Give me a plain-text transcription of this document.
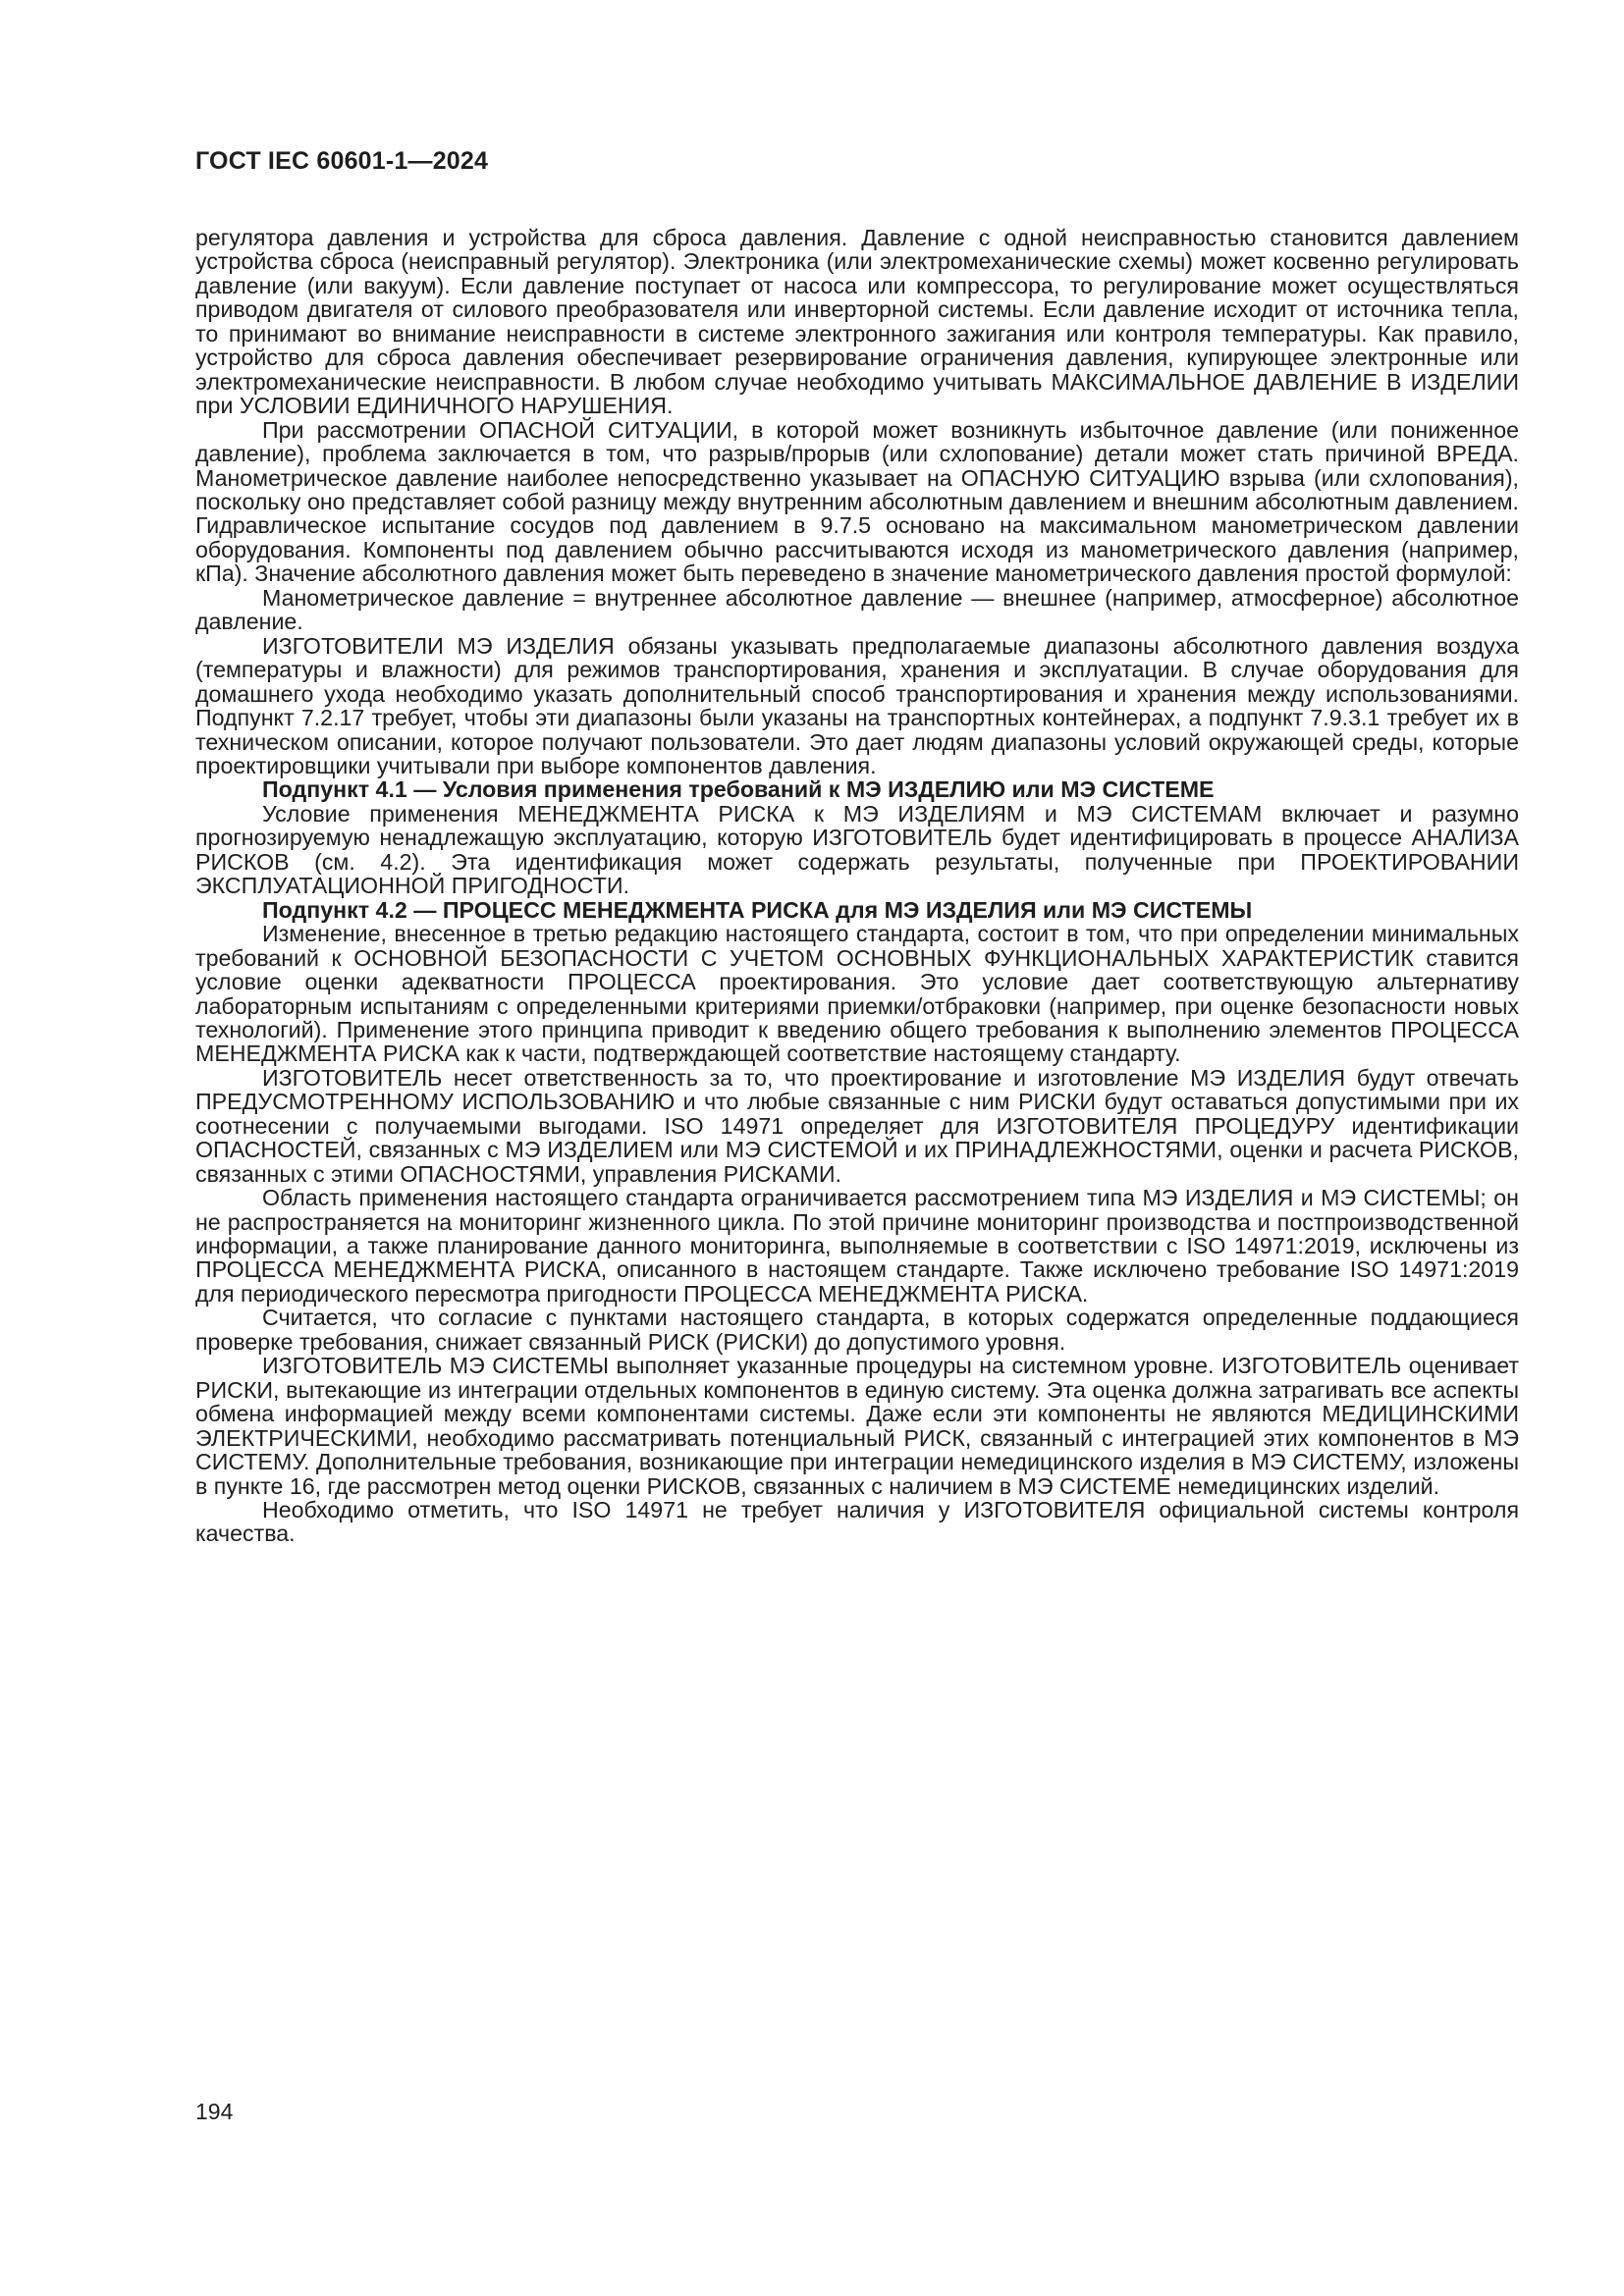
ГОСТ IEC 60601-1—2024

регулятора давления и устройства для сброса давления. Давление с одной неисправностью становится давлением устройства сброса (неисправный регулятор). Электроника (или электромеханические схемы) может косвенно регулировать давление (или вакуум). Если давление поступает от насоса или компрессора, то регулирование может осуществляться приводом двигателя от силового преобразователя или инверторной системы. Если давление исходит от источника тепла, то принимают во внимание неисправности в системе электронного зажигания или контроля температуры. Как правило, устройство для сброса давления обеспечивает резервирование ограничения давления, купирующее электронные или электромеханические неисправности. В любом случае необходимо учитывать МАКСИМАЛЬНОЕ ДАВЛЕНИЕ В ИЗДЕЛИИ при УСЛОВИИ ЕДИНИЧНОГО НАРУШЕНИЯ.

При рассмотрении ОПАСНОЙ СИТУАЦИИ, в которой может возникнуть избыточное давление (или пониженное давление), проблема заключается в том, что разрыв/прорыв (или схлопование) детали может стать причиной ВРЕДА. Манометрическое давление наиболее непосредственно указывает на ОПАСНУЮ СИТУАЦИЮ взрыва (или схлопования), поскольку оно представляет собой разницу между внутренним абсолютным давлением и внешним абсолютным давлением. Гидравлическое испытание сосудов под давлением в 9.7.5 основано на максимальном манометрическом давлении оборудования. Компоненты под давлением обычно рассчитываются исходя из манометрического давления (например, кПа). Значение абсолютного давления может быть переведено в значение манометрического давления простой формулой:

Манометрическое давление = внутреннее абсолютное давление — внешнее (например, атмосферное) абсолютное давление.

ИЗГОТОВИТЕЛИ МЭ ИЗДЕЛИЯ обязаны указывать предполагаемые диапазоны абсолютного давления воздуха (температуры и влажности) для режимов транспортирования, хранения и эксплуатации. В случае оборудования для домашнего ухода необходимо указать дополнительный способ транспортирования и хранения между использованиями. Подпункт 7.2.17 требует, чтобы эти диапазоны были указаны на транспортных контейнерах, а подпункт 7.9.3.1 требует их в техническом описании, которое получают пользователи. Это дает людям диапазоны условий окружающей среды, которые проектировщики учитывали при выборе компонентов давления.

Подпункт 4.1 — Условия применения требований к МЭ ИЗДЕЛИЮ или МЭ СИСТЕМЕ

Условие применения МЕНЕДЖМЕНТА РИСКА к МЭ ИЗДЕЛИЯМ и МЭ СИСТЕМАМ включает и разумно прогнозируемую ненадлежащую эксплуатацию, которую ИЗГОТОВИТЕЛЬ будет идентифицировать в процессе АНАЛИЗА РИСКОВ (см. 4.2). Эта идентификация может содержать результаты, полученные при ПРОЕКТИРОВАНИИ ЭКСПЛУАТАЦИОННОЙ ПРИГОДНОСТИ.

Подпункт 4.2 — ПРОЦЕСС МЕНЕДЖМЕНТА РИСКА для МЭ ИЗДЕЛИЯ или МЭ СИСТЕМЫ

Изменение, внесенное в третью редакцию настоящего стандарта, состоит в том, что при определении минимальных требований к ОСНОВНОЙ БЕЗОПАСНОСТИ С УЧЕТОМ ОСНОВНЫХ ФУНКЦИОНАЛЬНЫХ ХАРАКТЕРИСТИК ставится условие оценки адекватности ПРОЦЕССА проектирования. Это условие дает соответствующую альтернативу лабораторным испытаниям с определенными критериями приемки/отбраковки (например, при оценке безопасности новых технологий). Применение этого принципа приводит к введению общего требования к выполнению элементов ПРОЦЕССА МЕНЕДЖМЕНТА РИСКА как к части, подтверждающей соответствие настоящему стандарту.

ИЗГОТОВИТЕЛЬ несет ответственность за то, что проектирование и изготовление МЭ ИЗДЕЛИЯ будут отвечать ПРЕДУСМОТРЕННОМУ ИСПОЛЬЗОВАНИЮ и что любые связанные с ним РИСКИ будут оставаться допустимыми при их соотнесении с получаемыми выгодами. ISO 14971 определяет для ИЗГОТОВИТЕЛЯ ПРОЦЕДУРУ идентификации ОПАСНОСТЕЙ, связанных с МЭ ИЗДЕЛИЕМ или МЭ СИСТЕМОЙ и их ПРИНАДЛЕЖНОСТЯМИ, оценки и расчета РИСКОВ, связанных с этими ОПАСНОСТЯМИ, управления РИСКАМИ.

Область применения настоящего стандарта ограничивается рассмотрением типа МЭ ИЗДЕЛИЯ и МЭ СИСТЕМЫ; он не распространяется на мониторинг жизненного цикла. По этой причине мониторинг производства и постпроизводственной информации, а также планирование данного мониторинга, выполняемые в соответствии с ISO 14971:2019, исключены из ПРОЦЕССА МЕНЕДЖМЕНТА РИСКА, описанного в настоящем стандарте. Также исключено требование ISO 14971:2019 для периодического пересмотра пригодности ПРОЦЕССА МЕНЕДЖМЕНТА РИСКА.

Считается, что согласие с пунктами настоящего стандарта, в которых содержатся определенные поддающиеся проверке требования, снижает связанный РИСК (РИСКИ) до допустимого уровня.

ИЗГОТОВИТЕЛЬ МЭ СИСТЕМЫ выполняет указанные процедуры на системном уровне. ИЗГОТОВИТЕЛЬ оценивает РИСКИ, вытекающие из интеграции отдельных компонентов в единую систему. Эта оценка должна затрагивать все аспекты обмена информацией между всеми компонентами системы. Даже если эти компоненты не являются МЕДИЦИНСКИМИ ЭЛЕКТРИЧЕСКИМИ, необходимо рассматривать потенциальный РИСК, связанный с интеграцией этих компонентов в МЭ СИСТЕМУ. Дополнительные требования, возникающие при интеграции немедицинского изделия в МЭ СИСТЕМУ, изложены в пункте 16, где рассмотрен метод оценки РИСКОВ, связанных с наличием в МЭ СИСТЕМЕ немедицинских изделий.

Необходимо отметить, что ISO 14971 не требует наличия у ИЗГОТОВИТЕЛЯ официальной системы контроля качества.

194
